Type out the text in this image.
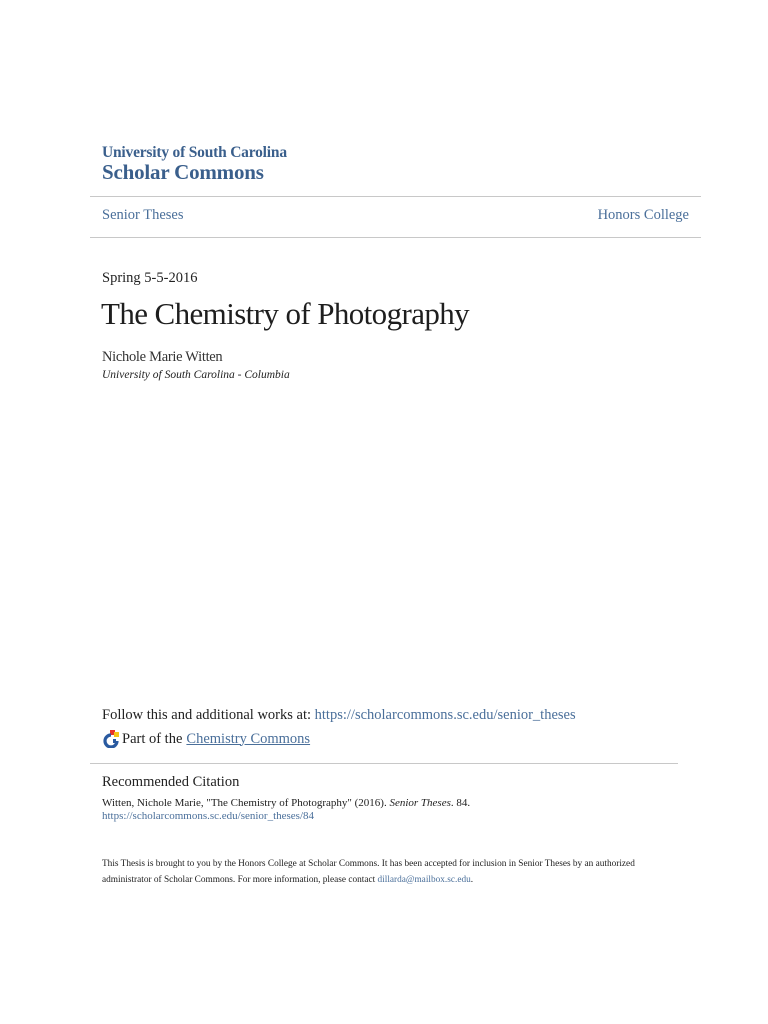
University of South Carolina
Scholar Commons
Senior Theses	Honors College
Spring 5-5-2016
The Chemistry of Photography
Nichole Marie Witten
University of South Carolina - Columbia
Follow this and additional works at: https://scholarcommons.sc.edu/senior_theses
Part of the Chemistry Commons
Recommended Citation
Witten, Nichole Marie, "The Chemistry of Photography" (2016). Senior Theses. 84.
https://scholarcommons.sc.edu/senior_theses/84
This Thesis is brought to you by the Honors College at Scholar Commons. It has been accepted for inclusion in Senior Theses by an authorized administrator of Scholar Commons. For more information, please contact dillarda@mailbox.sc.edu.
